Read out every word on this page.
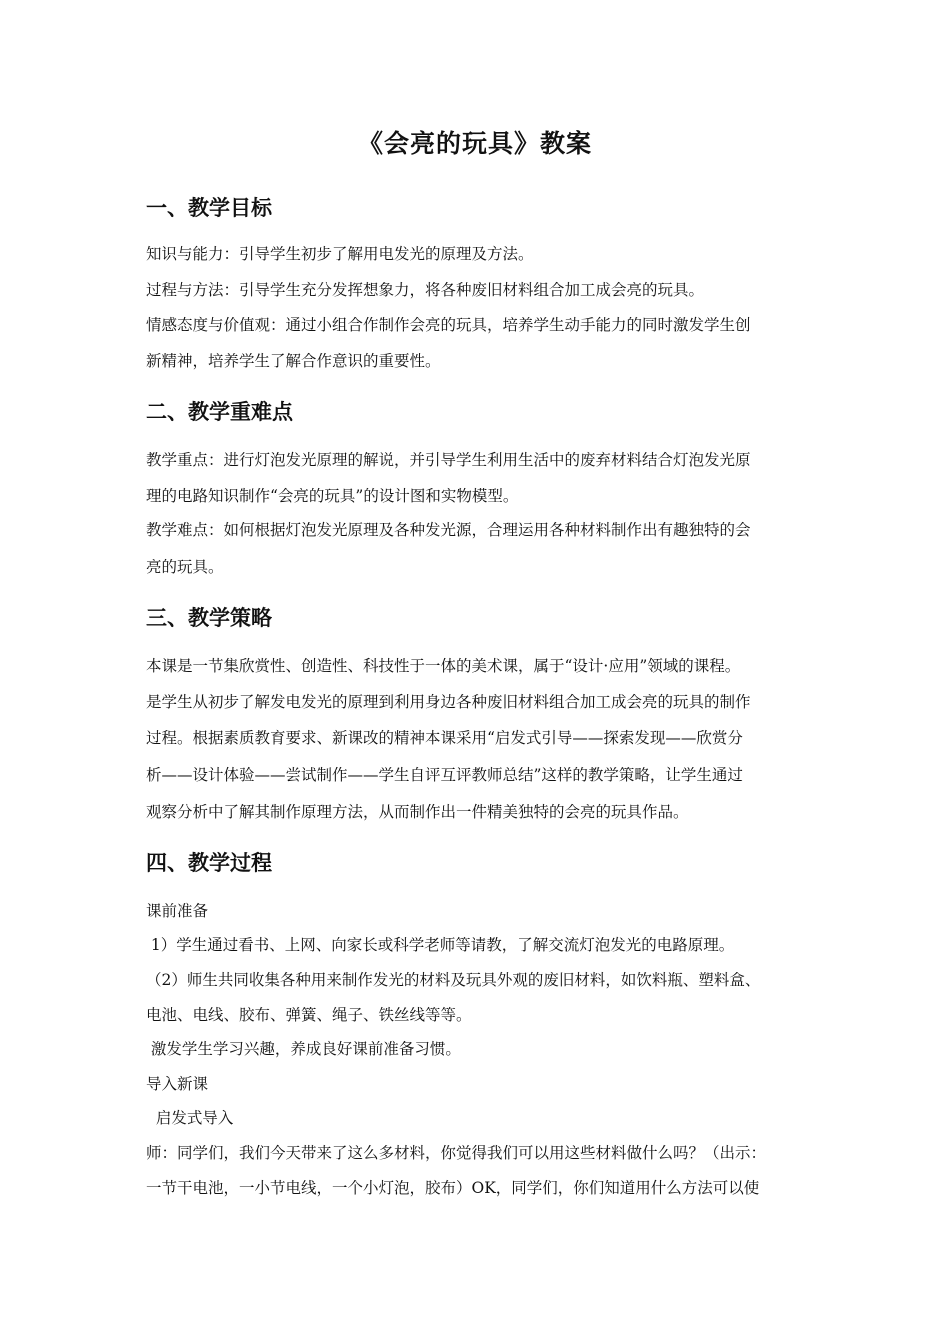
《会亮的玩具》教案
一、教学目标
知识与能力：引导学生初步了解用电发光的原理及方法。
过程与方法：引导学生充分发挥想象力，将各种废旧材料组合加工成会亮的玩具。
情感态度与价值观：通过小组合作制作会亮的玩具，培养学生动手能力的同时激发学生创
新精神，培养学生了解合作意识的重要性。
二、教学重难点
教学重点：进行灯泡发光原理的解说，并引导学生利用生活中的废弃材料结合灯泡发光原
理的电路知识制作“会亮的玩具”的设计图和实物模型。
教学难点：如何根据灯泡发光原理及各种发光源，合理运用各种材料制作出有趣独特的会
亮的玩具。
三、教学策略
本课是一节集欣赏性、创造性、科技性于一体的美术课，属于“设计·应用”领域的课程。
是学生从初步了解发电发光的原理到利用身边各种废旧材料组合加工成会亮的玩具的制作
过程。根据素质教育要求、新课改的精神本课采用“启发式引导——探索发现——欣赏分
析——设计体验——尝试制作——学生自评互评教师总结”这样的教学策略，让学生通过
观察分析中了解其制作原理方法，从而制作出一件精美独特的会亮的玩具作品。
四、教学过程
课前准备
1）学生通过看书、上网、向家长或科学老师等请教，了解交流灯泡发光的电路原理。
（2）师生共同收集各种用来制作发光的材料及玩具外观的废旧材料，如饮料瓶、塑料盒、
电池、电线、胶布、弹簧、绳子、铁丝线等等。
激发学生学习兴趣，养成良好课前准备习惯。
导入新课
启发式导入
师：同学们，我们今天带来了这么多材料，你觉得我们可以用这些材料做什么吗？（出示：
一节干电池，一小节电线，一个小灯泡，胶布）OK，同学们，你们知道用什么方法可以使
